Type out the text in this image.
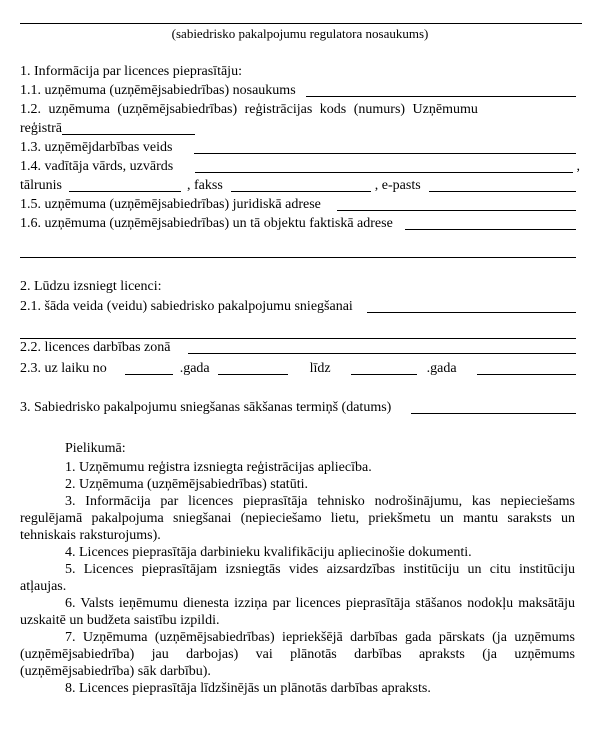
(sabiedrisko pakalpojumu regulatora nosaukums)
1. Informācija par licences pieprasītāju:
1.1. uzņēmuma (uzņēmējsabiedrības) nosaukums
1.2. uzņēmuma (uzņēmējsabiedrības) reģistrācijas kods (numurs) Uzņēmumu
reģistrā
1.3. uzņēmējdarbības veids
1.4. vadītāja vārds, uzvārds	,
tālrunis	, fakss	, e-pasts
1.5. uzņēmuma (uzņēmējsabiedrības) juridiskā adrese
1.6. uzņēmuma (uzņēmējsabiedrības) un tā objektu faktiskā adrese
2. Lūdzu izsniegt licenci:
2.1. šāda veida (veidu) sabiedrisko pakalpojumu sniegšanai
2.2. licences darbības zonā
2.3. uz laiku no	.gada	līdz	.gada
3. Sabiedrisko pakalpojumu sniegšanas sākšanas termiņš (datums)

Pielikumā:

1. Uzņēmumu reģistra izsniegta reģistrācijas apliecība.

2. Uzņēmuma (uzņēmējsabiedrības) statūti.

3. Informācija par licences pieprasītāja tehnisko nodrošinājumu, kas nepieciešams regulējamā pakalpojuma sniegšanai (nepieciešamo lietu, priekšmetu un mantu saraksts un tehniskais raksturojums).

4. Licences pieprasītāja darbinieku kvalifikāciju apliecinošie dokumenti.

5. Licences pieprasītājam izsniegtās vides aizsardzības institūciju un citu institūciju atļaujas.

6. Valsts ieņēmumu dienesta izziņa par licences pieprasītāja stāšanos nodokļu maksātāju uzskaitē un budžeta saistību izpildi.

7. Uzņēmuma (uzņēmējsabiedrības) iepriekšējā darbības gada pārskats (ja uzņēmums (uzņēmējsabiedrība) jau darbojas) vai plānotās darbības apraksts (ja uzņēmums (uzņēmējsabiedrība) sāk darbību).

8. Licences pieprasītāja līdzšinējās un plānotās darbības apraksts.
